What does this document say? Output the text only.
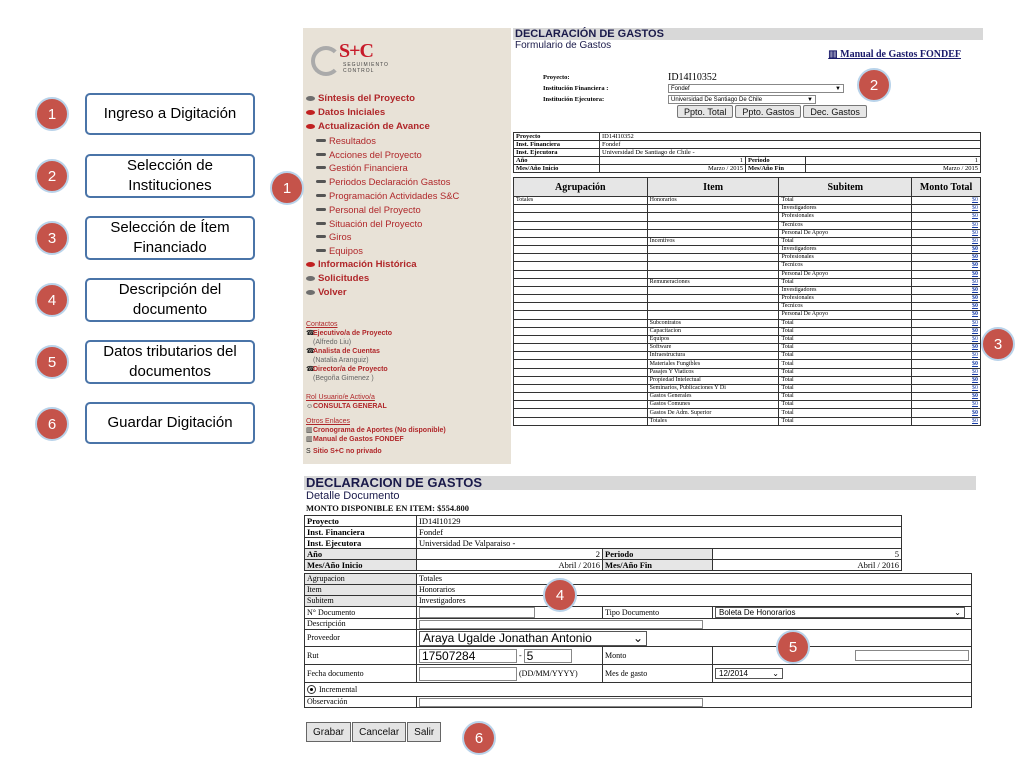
1	Ingreso a Digitación
2
Selección de Instituciones
3
Selección de Ítem Financiado
4
Descripción del documento
5
Datos tributarios del documentos
6	Guardar Digitación
S+C
SEGUIMIENTO
CONTROL
Síntesis del Proyecto
Datos Iniciales
Actualización de Avance
Resultados
Acciones del Proyecto
Gestión Financiera
Periodos Declaración Gastos
Programación Actividades S&C
Personal del Proyecto
Situación del Proyecto
Giros
Equipos
Información Histórica
Solicitudes
Volver
Contactos
☎Ejecutivo/a de Proyecto
(Alfredo Liu)
☎Analista de Cuentas
(Natalia Aranguiz)
☎Director/a de Proyecto
(Begoña Gimenez )
Rol Usuario/e Activo/a
☺CONSULTA GENERAL
Otros Enlaces
▥Cronograma de Aportes (No disponible)
▥Manual de Gastos FONDEF
S Sitio S+C no privado
DECLARACIÓN DE GASTOS
Formulario de Gastos
▥ Manual de Gastos FONDEF
Proyecto:	ID14I10352
Institución Financiera :	Fondef	▼
Institución Ejecutora:	Universidad De Santiago De Chile	▼
Ppto. Total	Ppto. Gastos	Dec. Gastos
Proyecto	ID14I10352		
Inst. Financiera	Fondef		
Inst. Ejecutora	Universidad De Santiago de Chile -		
Año	1	Periodo	1
Mes/Año Inicio	Marzo / 2015	Mes/Año Fin	Marzo / 2015
Agrupación	Item	Subitem	Monto Total
Totales	Honorarios	Total	$0
		Investigadores	$0
		Profesionales	$0
		Tecnicos	$0
		Personal De Apoyo	$0
	Incentivos	Total	$0
		Investigadores	$0
		Profesionales	$0
		Tecnicos	$0
		Personal De Apoyo	$0
	Remuneraciones	Total	$0
		Investigadores	$0
		Profesionales	$0
		Tecnicos	$0
		Personal De Apoyo	$0
	Subcontratos	Total	$0
	Capacitacion	Total	$0
	Equipos	Total	$0
	Software	Total	$0
	Infraestructura	Total	$0
	Materiales Fungibles	Total	$0
	Pasajes Y Viaticos	Total	$0
	Propiedad Intelectual	Total	$0
	Seminarios, Publicaciones Y Di	Total	$0
	Gastos Generales	Total	$0
	Gastos Comunes	Total	$0
	Gastos De Adm. Superior	Total	$0
	Totales	Total	$0
DECLARACION DE GASTOS
Detalle Documento
MONTO DISPONIBLE EN ITEM: $554.800
Proyecto	ID14I10129		
Inst. Financiera	Fondef		
Inst. Ejecutora	Universidad De Valparaiso -		
Año	2	Periodo	5
Mes/Año Inicio	Abril / 2016	Mes/Año Fin	Abril / 2016
Agrupacion	Totales		
Item	Honorarios		
Subitem	Investigadores		
N° Documento		Tipo Documento	Boleta De Honorarios ⌄

Descripción			
Proveedor	Araya Ugalde Jonathan Antonio ⌄		

Rut	17507284 - 5	Monto	
Fecha documento	(DD/MM/YYYY)	Mes de gasto	12/2014 ⌄

Incremental			
Observación			
Grabar	Cancelar	Salir
1
2
3
4
5
6
